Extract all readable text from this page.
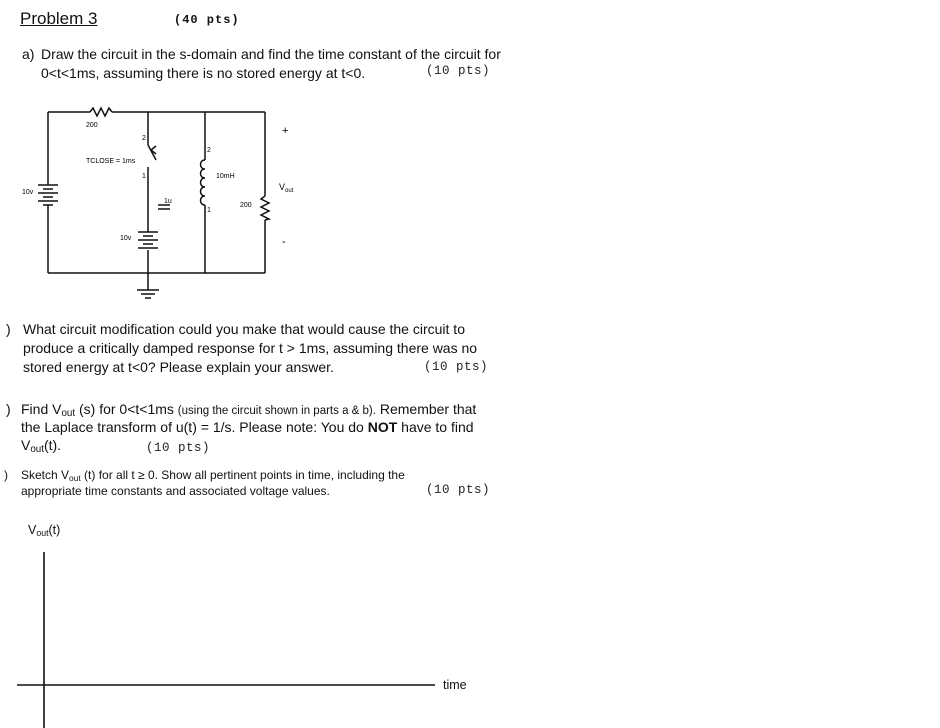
Problem 3	(40 pts)
a) Draw the circuit in the s-domain and find the time constant of the circuit for
0<t<1ms, assuming there is no stored energy at t<0.	(10 pts)
200
TCLOSE = 1ms
2
1
10v
1u
10v
10mH
2
1
200
+
$V_{out}$
-
) What circuit modification could you make that would cause the circuit to
produce a critically damped response for t > 1ms, assuming there was no
stored energy at t<0? Please explain your answer.	(10 pts)
) Find $V_{out}$ (s) for 0<t<1ms (using the circuit shown in parts a & b). Remember that
the Laplace transform of u(t) = 1/s. Please note: You do NOT have to find
$V_{out}(t)$.	(10 pts)
) Sketch $V_{out}$ (t) for all t ≥ 0. Show all pertinent points in time, including the
appropriate time constants and associated voltage values.	(10 pts)
$V_{out}(t)$
time
